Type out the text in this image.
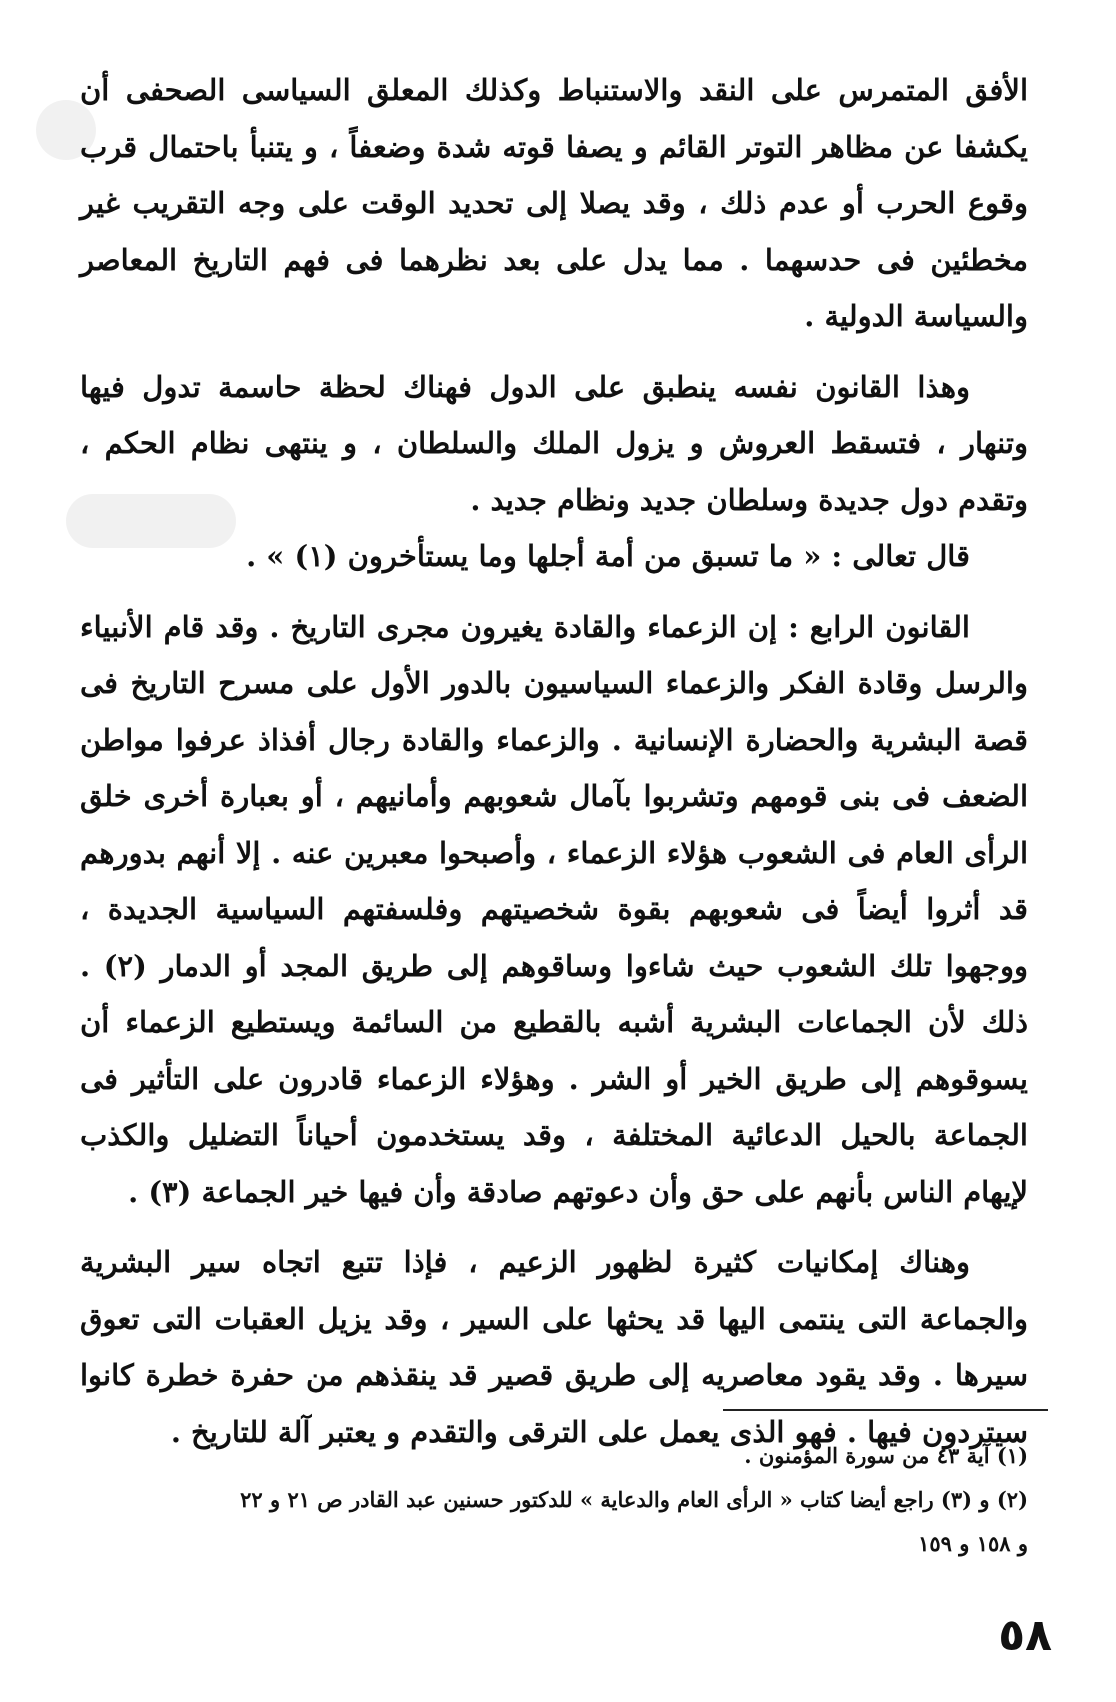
الأفق المتمرس على النقد والاستنباط وكذلك المعلق السياسى الصحفى أن يكشفا عن مظاهر التوتر القائم و يصفا قوته شدة وضعفاً ، و يتنبأ باحتمال قرب وقوع الحرب أو عدم ذلك ، وقد يصلا إلى تحديد الوقت على وجه التقريب غير مخطئين فى حدسهما . مما يدل على بعد نظرهما فى فهم التاريخ المعاصر والسياسة الدولية .

وهذا القانون نفسه ينطبق على الدول فهناك لحظة حاسمة تدول فيها وتنهار ، فتسقط العروش و يزول الملك والسلطان ، و ينتهى نظام الحكم ، وتقدم دول جديدة وسلطان جديد ونظام جديد .

قال تعالى : « ما تسبق من أمة أجلها وما يستأخرون (١) » .

القانون الرابع : إن الزعماء والقادة يغيرون مجرى التاريخ . وقد قام الأنبياء والرسل وقادة الفكر والزعماء السياسيون بالدور الأول على مسرح التاريخ فى قصة البشرية والحضارة الإنسانية . والزعماء والقادة رجال أفذاذ عرفوا مواطن الضعف فى بنى قومهم وتشربوا بآمال شعوبهم وأمانيهم ، أو بعبارة أخرى خلق الرأى العام فى الشعوب هؤلاء الزعماء ، وأصبحوا معبرين عنه . إلا أنهم بدورهم قد أثروا أيضاً فى شعوبهم بقوة شخصيتهم وفلسفتهم السياسية الجديدة ، ووجهوا تلك الشعوب حيث شاءوا وساقوهم إلى طريق المجد أو الدمار (٢) . ذلك لأن الجماعات البشرية أشبه بالقطيع من السائمة ويستطيع الزعماء أن يسوقوهم إلى طريق الخير أو الشر . وهؤلاء الزعماء قادرون على التأثير فى الجماعة بالحيل الدعائية المختلفة ، وقد يستخدمون أحياناً التضليل والكذب لإيهام الناس بأنهم على حق وأن دعوتهم صادقة وأن فيها خير الجماعة (٣) .

وهناك إمكانيات كثيرة لظهور الزعيم ، فإذا تتبع اتجاه سير البشرية والجماعة التى ينتمى اليها قد يحثها على السير ، وقد يزيل العقبات التى تعوق سيرها . وقد يقود معاصريه إلى طريق قصير قد ينقذهم من حفرة خطرة كانوا سيتردون فيها . فهو الذى يعمل على الترقى والتقدم و يعتبر آلة للتاريخ .

(١) آية ٤٣ من سورة المؤمنون .

(٢) و (٣) راجع أيضا كتاب « الرأى العام والدعاية » للدكتور حسنين عبد القادر ص ٢١ و ٢٢

و ١٥٨ و ١٥٩

٥٨
